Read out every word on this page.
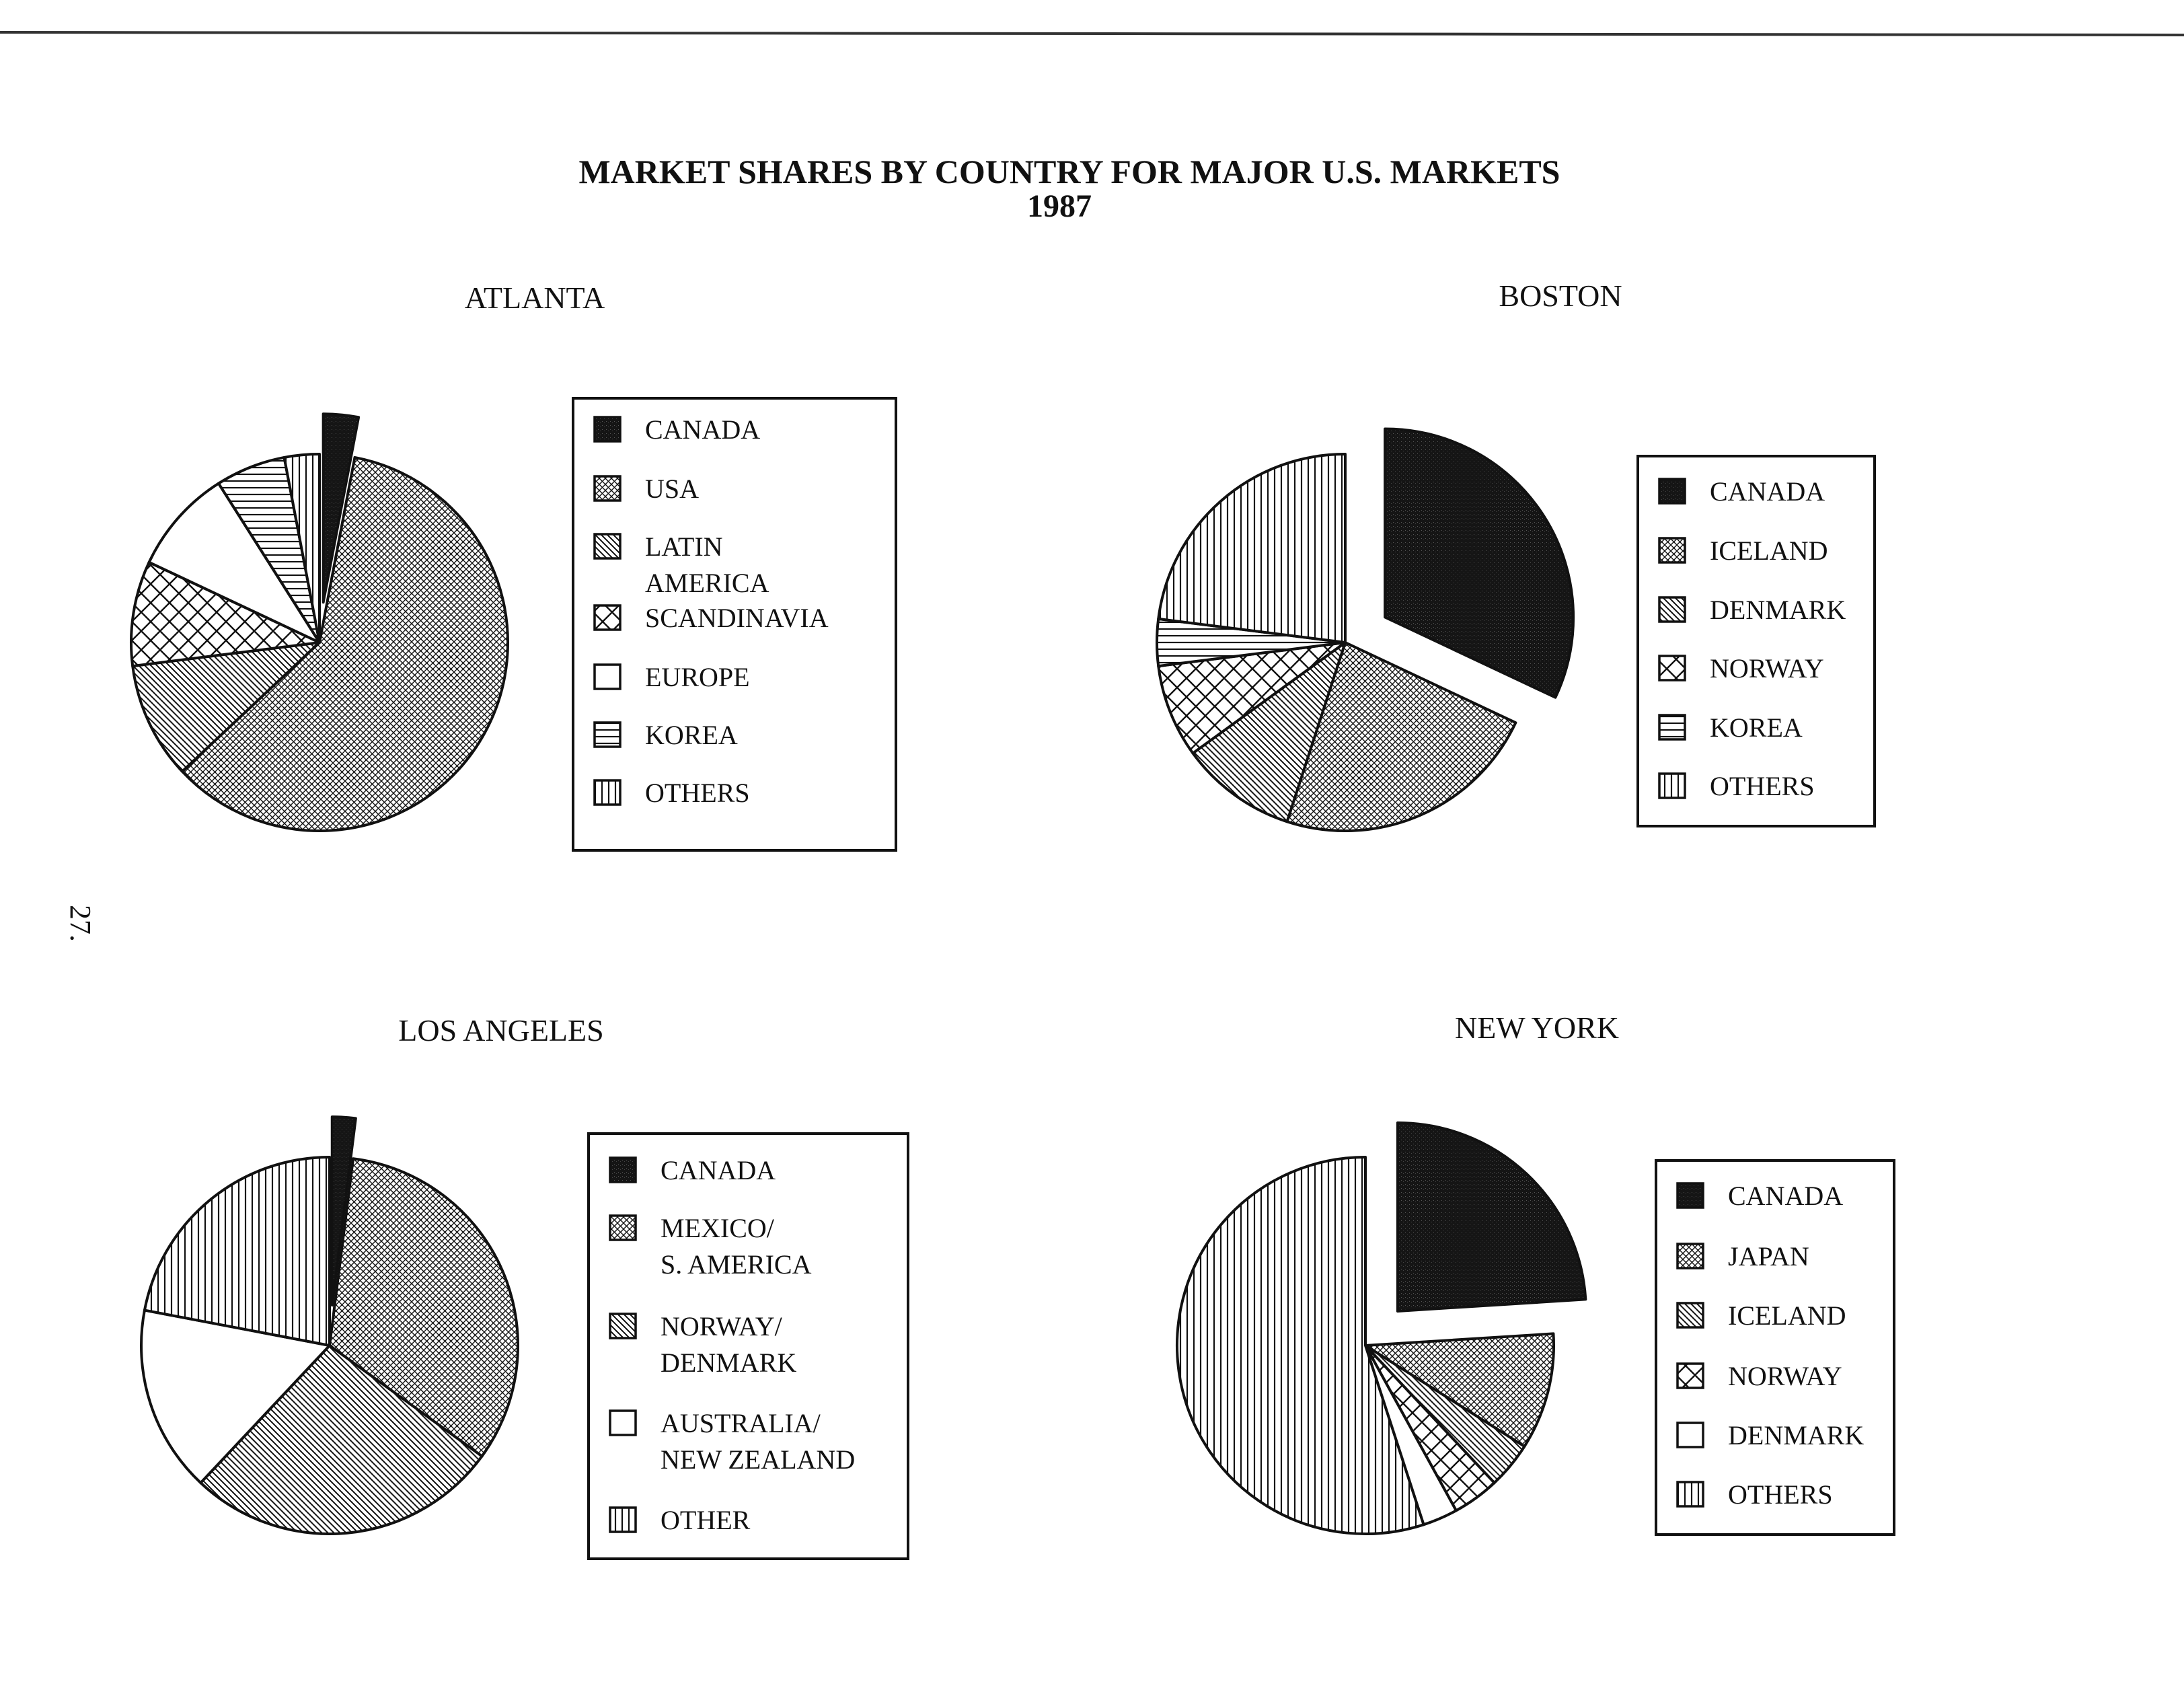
MARKET SHARES BY COUNTRY FOR MAJOR U.S. MARKETS
1987
27.
ATLANTA
CANADA
USA
LATIN AMERICA
SCANDINAVIA
EUROPE
KOREA
OTHERS
BOSTON
CANADA
ICELAND
DENMARK
NORWAY
KOREA
OTHERS
LOS ANGELES
CANADA
MEXICO/ S. AMERICA
NORWAY/ DENMARK
AUSTRALIA/ NEW ZEALAND
OTHER
NEW YORK
CANADA
JAPAN
ICELAND
NORWAY
DENMARK
OTHERS
